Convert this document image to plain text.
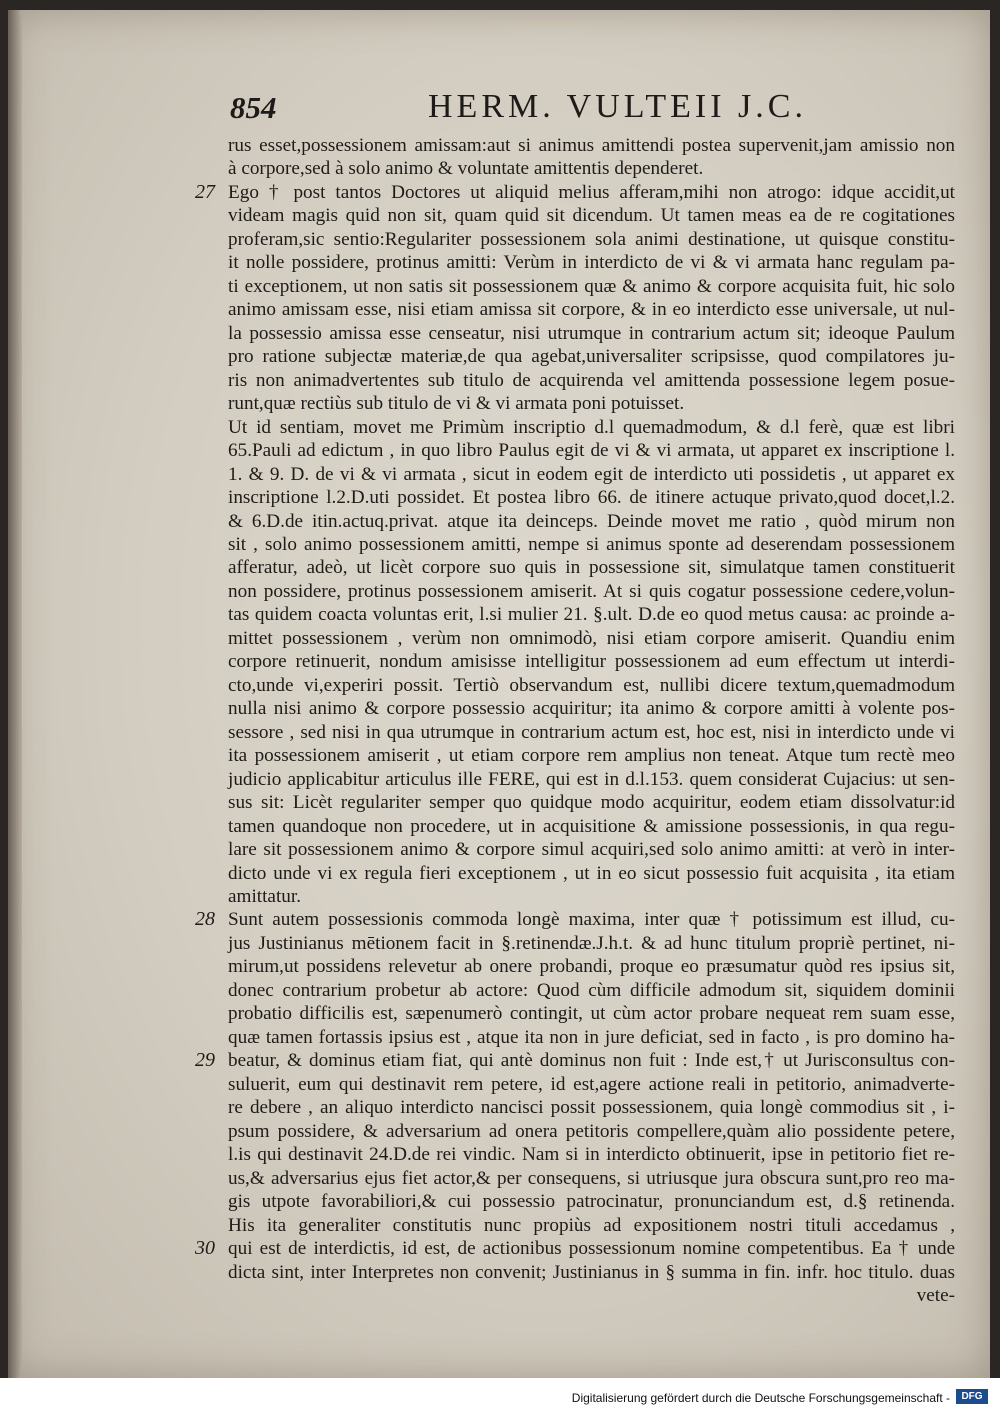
854	HERM. VULTEII J.C.
rus esset,possessionem amissam:aut si animus amittendi postea supervenit,jam amissio non
à corpore,sed à solo animo & voluntate amittentis dependeret.
Ego † post tantos Doctores ut aliquid melius afferam,mihi non atrogo: idque accidit,ut
27
videam magis quid non sit, quam quid sit dicendum. Ut tamen meas ea de re cogitationes
proferam,sic sentio:Regulariter possessionem sola animi destinatione, ut quisque constitu-
it nolle possidere, protinus amitti: Verùm in interdicto de vi & vi armata hanc regulam pa-
ti exceptionem, ut non satis sit possessionem quæ & animo & corpore acquisita fuit, hic solo
animo amissam esse, nisi etiam amissa sit corpore, & in eo interdicto esse universale, ut nul-
la possessio amissa esse censeatur, nisi utrumque in contrarium actum sit; ideoque Paulum
pro ratione subjectæ materiæ,de qua agebat,universaliter scripsisse, quod compilatores ju-
ris non animadvertentes sub titulo de acquirenda vel amittenda possessione legem posue-
runt,quæ rectiùs sub titulo de vi & vi armata poni potuisset.
Ut id sentiam, movet me Primùm inscriptio d.l quemadmodum, & d.l ferè, quæ est libri
65.Pauli ad edictum , in quo libro Paulus egit de vi & vi armata, ut apparet ex inscriptione l.
1. & 9. D. de vi & vi armata , sicut in eodem egit de interdicto uti possidetis , ut apparet ex
inscriptione l.2.D.uti possidet. Et postea libro 66. de itinere actuque privato,quod docet,l.2.
& 6.D.de itin.actuq.privat. atque ita deinceps. Deinde movet me ratio , quòd mirum non
sit , solo animo possessionem amitti, nempe si animus sponte ad deserendam possessionem
afferatur, adeò, ut licèt corpore suo quis in possessione sit, simulatque tamen constituerit
non possidere, protinus possessionem amiserit. At si quis cogatur possessione cedere,volun-
tas quidem coacta voluntas erit, l.si mulier 21. §.ult. D.de eo quod metus causa: ac proinde a-
mittet possessionem , verùm non omnimodò, nisi etiam corpore amiserit. Quandiu enim
corpore retinuerit, nondum amisisse intelligitur possessionem ad eum effectum ut interdi-
cto,unde vi,experiri possit. Tertiò observandum est, nullibi dicere textum,quemadmodum
nulla nisi animo & corpore possessio acquiritur; ita animo & corpore amitti à volente pos-
sessore , sed nisi in qua utrumque in contrarium actum est, hoc est, nisi in interdicto unde vi
ita possessionem amiserit , ut etiam corpore rem amplius non teneat. Atque tum rectè meo
judicio applicabitur articulus ille FERE, qui est in d.l.153. quem considerat Cujacius: ut sen-
sus sit: Licèt regulariter semper quo quidque modo acquiritur, eodem etiam dissolvatur:id
tamen quandoque non procedere, ut in acquisitione & amissione possessionis, in qua regu-
lare sit possessionem animo & corpore simul acquiri,sed solo animo amitti: at verò in inter-
dicto unde vi ex regula fieri exceptionem , ut in eo sicut possessio fuit acquisita , ita etiam
amittatur.
Sunt autem possessionis commoda longè maxima, inter quæ † potissimum est illud, cu-
28
jus Justinianus mētionem facit in §.retinendæ.J.h.t. & ad hunc titulum propriè pertinet, ni-
mirum,ut possidens relevetur ab onere probandi, proque eo præsumatur quòd res ipsius sit,
donec contrarium probetur ab actore: Quod cùm difficile admodum sit, siquidem dominii
probatio difficilis est, sæpenumerò contingit, ut cùm actor probare nequeat rem suam esse,
quæ tamen fortassis ipsius est , atque ita non in jure deficiat, sed in facto , is pro domino ha-
beatur, & dominus etiam fiat, qui antè dominus non fuit : Inde est,† ut Jurisconsultus con-
29
suluerit, eum qui destinavit rem petere, id est,agere actione reali in petitorio, animadverte-
re debere , an aliquo interdicto nancisci possit possessionem, quia longè commodius sit , i-
psum possidere, & adversarium ad onera petitoris compellere,quàm alio possidente petere,
l.is qui destinavit 24.D.de rei vindic. Nam si in interdicto obtinuerit, ipse in petitorio fiet re-
us,& adversarius ejus fiet actor,& per consequens, si utriusque jura obscura sunt,pro reo ma-
gis utpote favorabiliori,& cui possessio patrocinatur, pronunciandum est, d.§ retinenda.
His ita generaliter constitutis nunc propiùs ad expositionem nostri tituli accedamus ,
qui est de interdictis, id est, de actionibus possessionum nomine competentibus. Ea † unde
30
dicta sint, inter Interpretes non convenit; Justinianus in § summa in fin. infr. hoc titulo. duas
vete-
Digitalisierung gefördert durch die Deutsche Forschungsgemeinschaft -	DFG
